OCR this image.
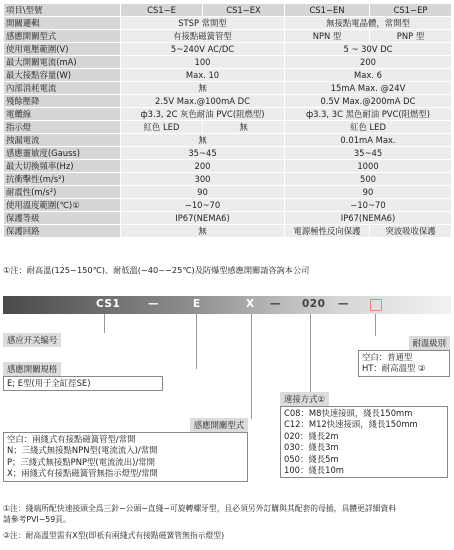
項目\型號	CS1−E	CS1−EX	CS1−EN	CS1−EP
開關邏輯	STSP 常開型		無接點電晶體，常開型	
感應開關型式	有接點磁簧管型		NPN 型	PNP 型
使用電壓範圍(V)	5~240V AC/DC		5 ~ 30V DC	
最大開關電流(mA)	100		200	
最大接點容量(W)	Max. 10		Max. 6	
內部消耗電流	無		15mA Max. @24V	
殘餘壓降	2.5V Max.@100mA DC		0.5V Max.@200mA DC	
電纜線	ф3.3, 2C 灰色耐油 PVC(阻燃型)		ф3.3, 3C 黑色耐油 PVC(阻燃型)	
指示燈	紅色 LED	無	紅色 LED	
拽漏電流	無		0.01mA Max.	
感應靈敏度(Gauss)	35~45		35~45	
最大切換頻率(Hz)	200		1000	
抗衝擊性(m/s²)	300		500	
耐震性(m/s²)	90		90	
使用溫度範圍(℃)①	−10~70		−10~70	
保護等級	IP67(NEMA6)		IP67(NEMA6)	
保護回路	無		電源極性反向保護	突波吸收保護
①注：耐高溫(125~150℃)、耐低溫(−40~−25℃)及防爆型感應開關請咨詢本公司
CS1	—	E	X — 020 —
感应开关编号
感應開關規格
E; E型(用于全缸徑SE)
耐溫級別
空白：普通型
HT：耐高溫型 ②
連接方式①
C08：M8快速接頭，綫長150mm
C12：M12快速接頭，綫長150mm
020：綫長2m
030：綫長3m
050：綫長5m
100：綫長10m
感應開關型式
空白：兩綫式有接點磁簧管型/常開
N；三綫式無接點NPN型(電流流入)/常開
P；三綫式無接點PNP型(電流流出)/常開
X；兩綫式有接點磁簧管無指示燈型/常開
①注：綫端所配快速接頭全爲三針−公頭−直綫−可旋轉螺牙型，且必須另外訂購與其配套的母插，具體更詳細資料
請參考PVI−59頁。
②注：耐高溫型需有X型(即祇有兩綫式有接點磁簧管無指示燈型)
